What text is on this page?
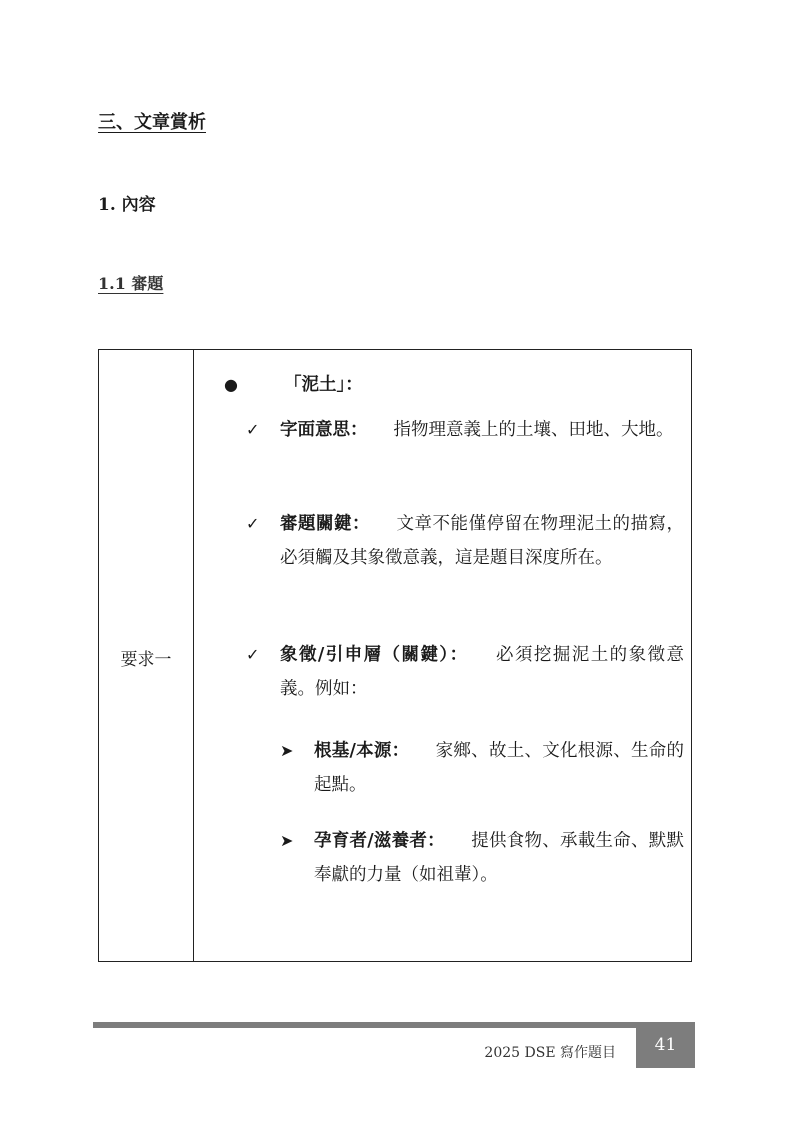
三、文章賞析
1. 內容
1.1 審題
要求一
●	「泥土」：
✓	字面意思： 指物理意義上的土壤、田地、大地。
✓	審題關鍵： 文章不能僅停留在物理泥土的描寫，必須觸及其象徵意義，這是題目深度所在。
✓	象徵/引申層（關鍵）： 必須挖掘泥土的象徵意義。例如：
➤	根基/本源： 家鄉、故土、文化根源、生命的起點。
➤	孕育者/滋養者： 提供食物、承載生命、默默奉獻的力量（如祖輩）。
2025 DSE 寫作題目	41
